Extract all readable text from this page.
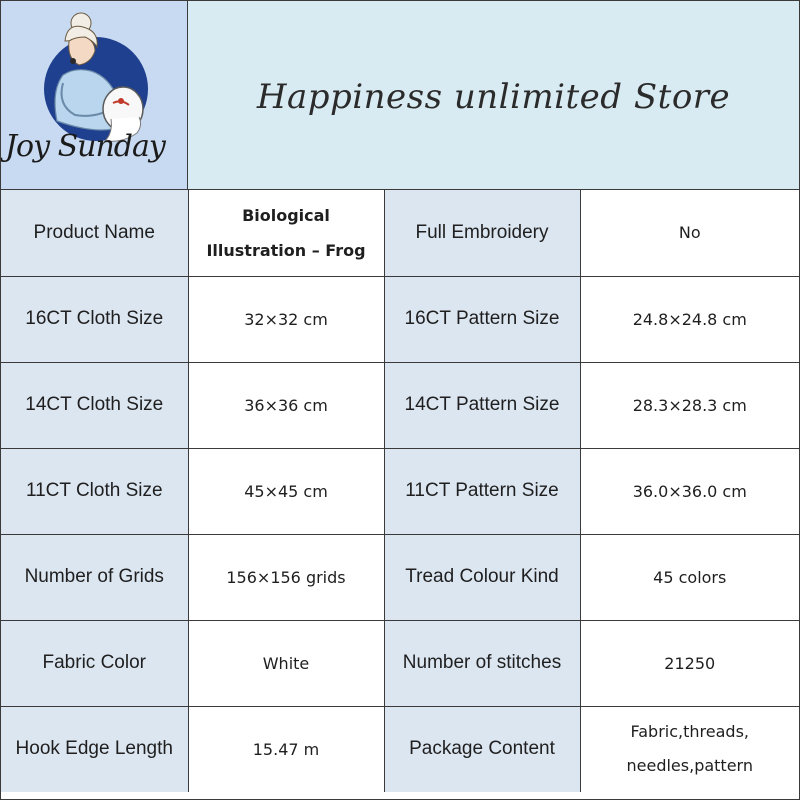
Joy Sunday
Happiness unlimited Store
Product Name	Biological Illustration – Frog	Full Embroidery	No
16CT Cloth Size	32×32 cm	16CT Pattern Size	24.8×24.8 cm
14CT Cloth Size	36×36 cm	14CT Pattern Size	28.3×28.3 cm
11CT Cloth Size	45×45 cm	11CT Pattern Size	36.0×36.0 cm
Number of Grids	156×156 grids	Tread Colour Kind	45 colors
Fabric Color	White	Number of stitches	21250
Hook Edge Length	15.47 m	Package Content	Fabric,threads, needles,pattern
